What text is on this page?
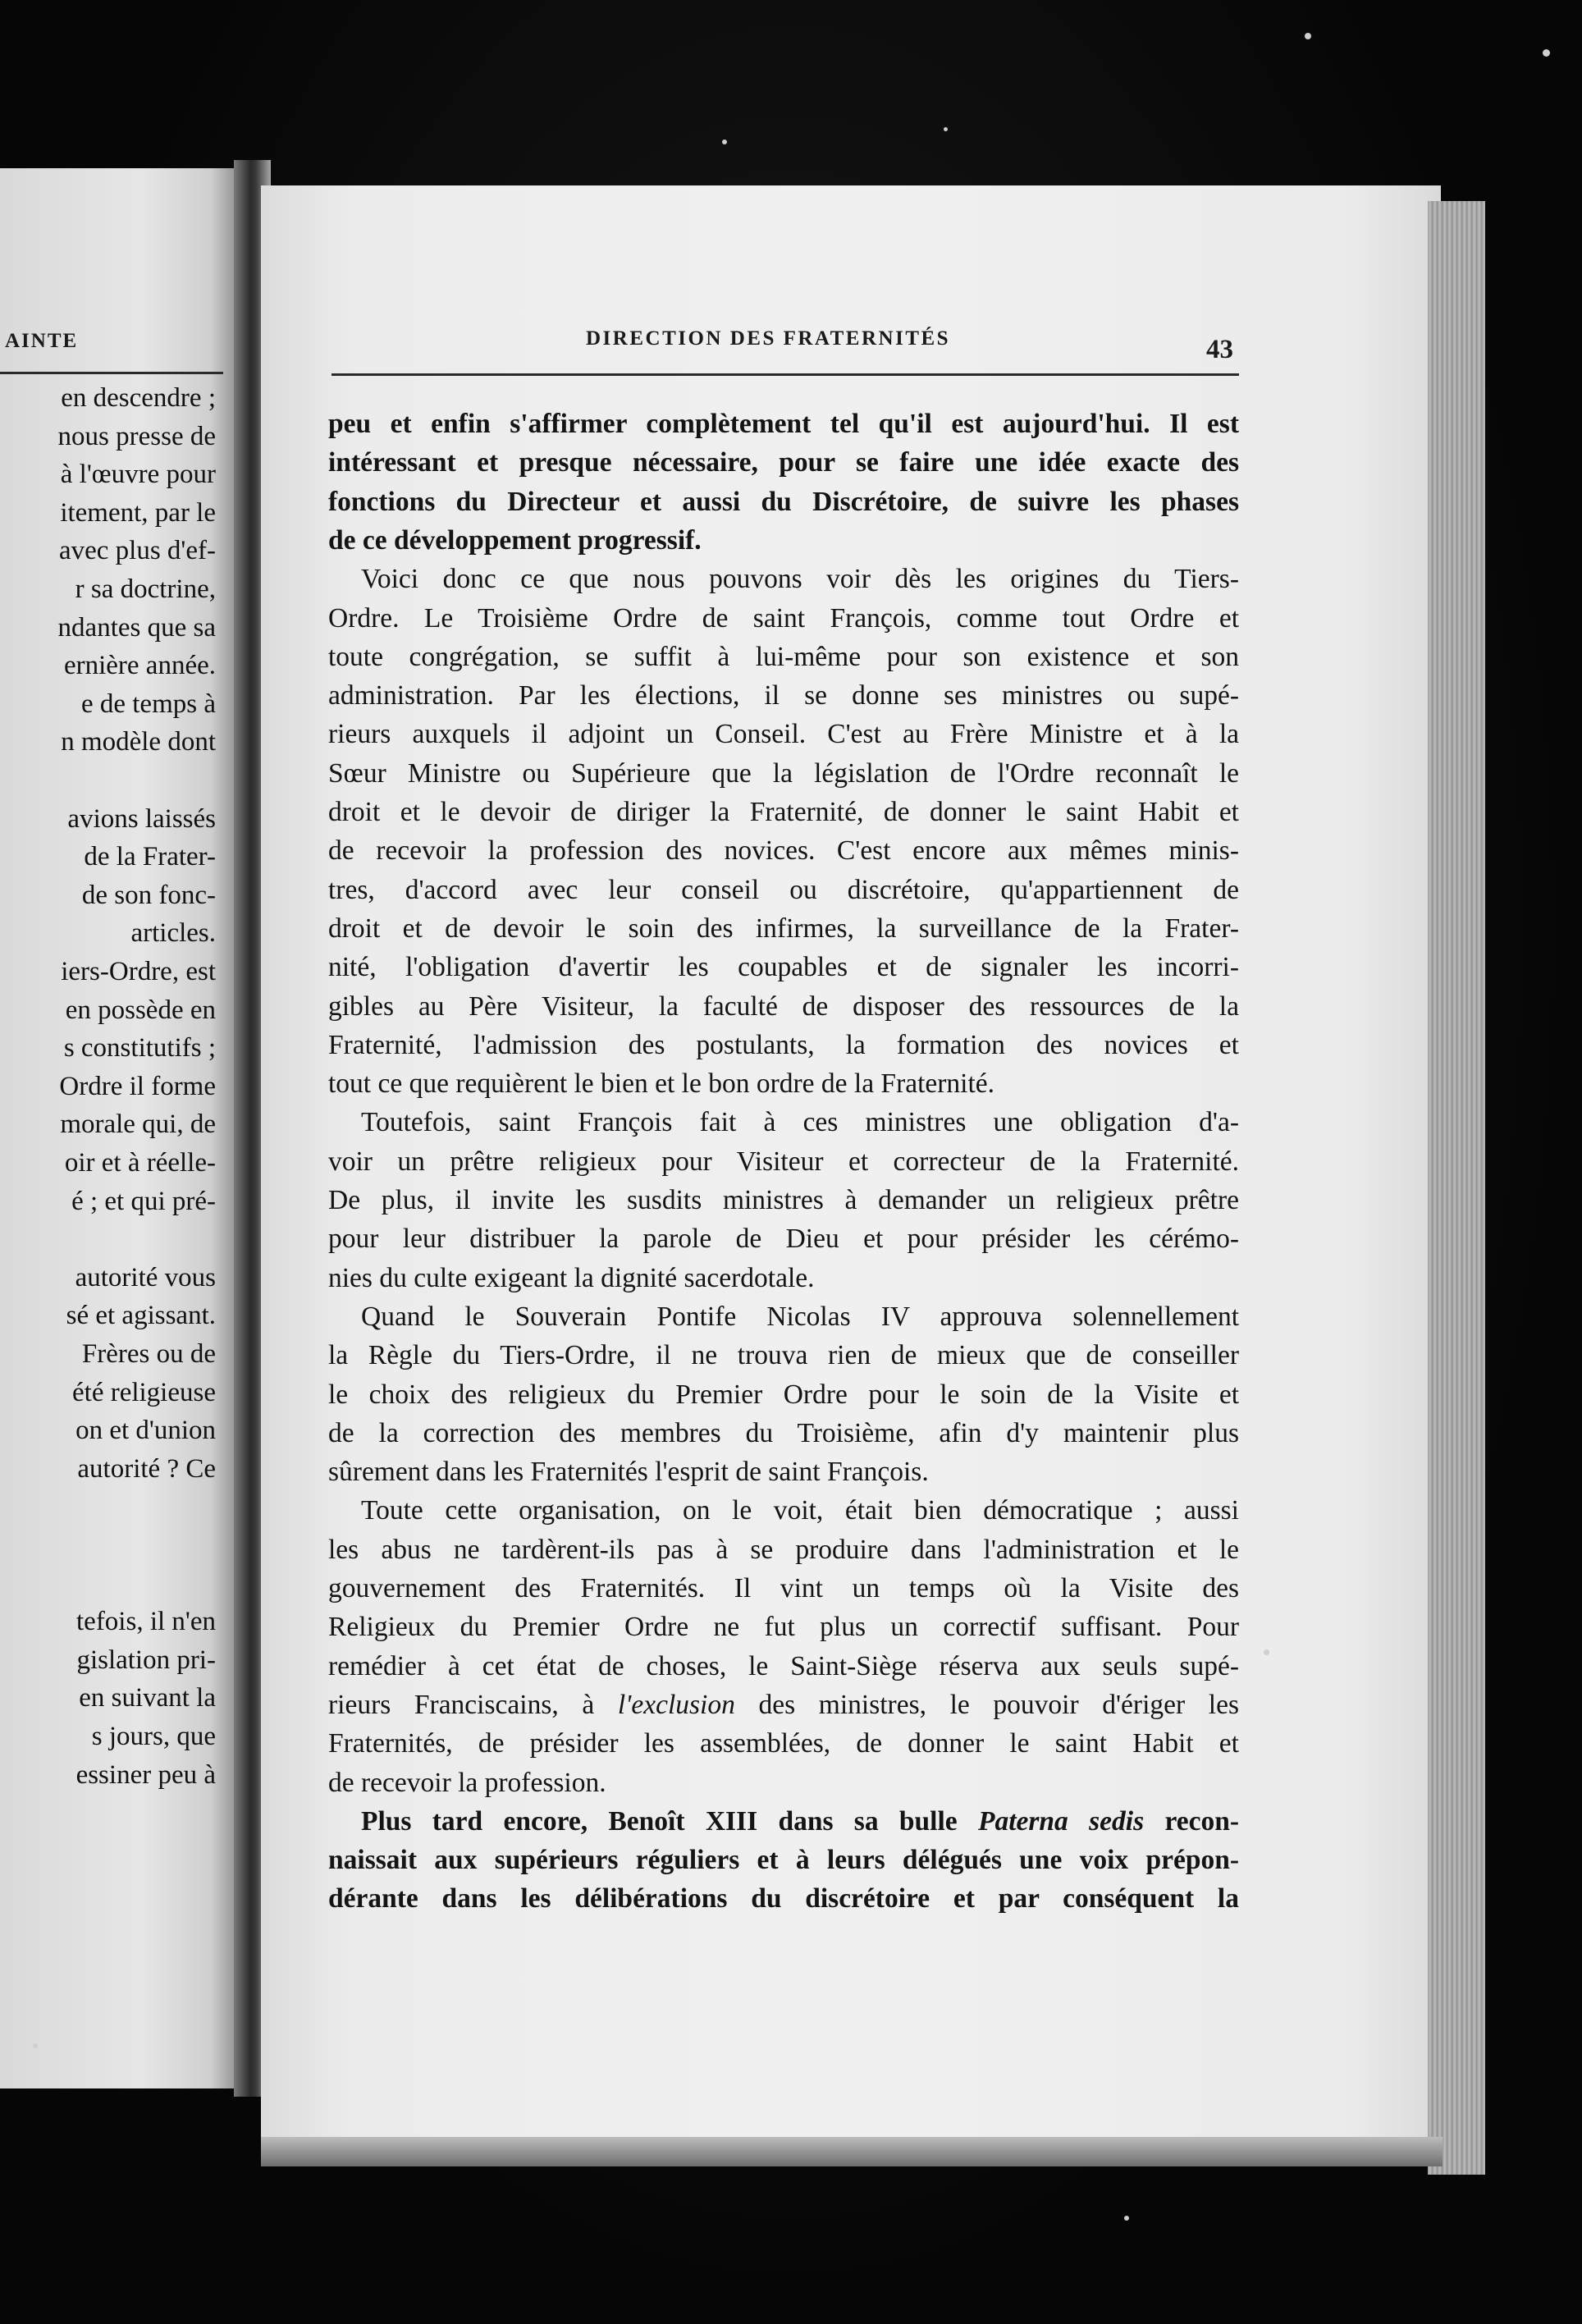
AINTE
en descendre ;
nous presse de
à l'œuvre pour
itement, par le
avec plus d'ef-
r sa doctrine,
ndantes que sa
ernière année.
e de temps à
n modèle dont
avions laissés
de la Frater-
de son fonc-
articles.
iers-Ordre, est
en possède en
s constitutifs ;
Ordre il forme
morale qui, de
oir et à réelle-
é ; et qui pré-
autorité vous
sé et agissant.
Frères ou de
été religieuse
on et d'union
autorité ? Ce
tefois, il n'en
gislation pri-
en suivant la
s jours, que
essiner peu à
DIRECTION DES FRATERNITÉS	43
peu et enfin s'affirmer complètement tel qu'il est aujourd'hui. Il est
intéressant et presque nécessaire, pour se faire une idée exacte des
fonctions du Directeur et aussi du Discrétoire, de suivre les phases
de ce développement progressif.
Voici donc ce que nous pouvons voir dès les origines du Tiers-
Ordre. Le Troisième Ordre de saint François, comme tout Ordre et
toute congrégation, se suffit à lui-même pour son existence et son
administration. Par les élections, il se donne ses ministres ou supé-
rieurs auxquels il adjoint un Conseil. C'est au Frère Ministre et à la
Sœur Ministre ou Supérieure que la législation de l'Ordre reconnaît le
droit et le devoir de diriger la Fraternité, de donner le saint Habit et
de recevoir la profession des novices. C'est encore aux mêmes minis-
tres, d'accord avec leur conseil ou discrétoire, qu'appartiennent de
droit et de devoir le soin des infirmes, la surveillance de la Frater-
nité, l'obligation d'avertir les coupables et de signaler les incorri-
gibles au Père Visiteur, la faculté de disposer des ressources de la
Fraternité, l'admission des postulants, la formation des novices et
tout ce que requièrent le bien et le bon ordre de la Fraternité.
Toutefois, saint François fait à ces ministres une obligation d'a-
voir un prêtre religieux pour Visiteur et correcteur de la Fraternité.
De plus, il invite les susdits ministres à demander un religieux prêtre
pour leur distribuer la parole de Dieu et pour présider les cérémo-
nies du culte exigeant la dignité sacerdotale.
Quand le Souverain Pontife Nicolas IV approuva solennellement
la Règle du Tiers-Ordre, il ne trouva rien de mieux que de conseiller
le choix des religieux du Premier Ordre pour le soin de la Visite et
de la correction des membres du Troisième, afin d'y maintenir plus
sûrement dans les Fraternités l'esprit de saint François.
Toute cette organisation, on le voit, était bien démocratique ; aussi
les abus ne tardèrent-ils pas à se produire dans l'administration et le
gouvernement des Fraternités. Il vint un temps où la Visite des
Religieux du Premier Ordre ne fut plus un correctif suffisant. Pour
remédier à cet état de choses, le Saint-Siège réserva aux seuls supé-
rieurs Franciscains, à l'exclusion des ministres, le pouvoir d'ériger les
Fraternités, de présider les assemblées, de donner le saint Habit et
de recevoir la profession.
Plus tard encore, Benoît XIII dans sa bulle Paterna sedis recon-
naissait aux supérieurs réguliers et à leurs délégués une voix prépon-
dérante dans les délibérations du discrétoire et par conséquent la
